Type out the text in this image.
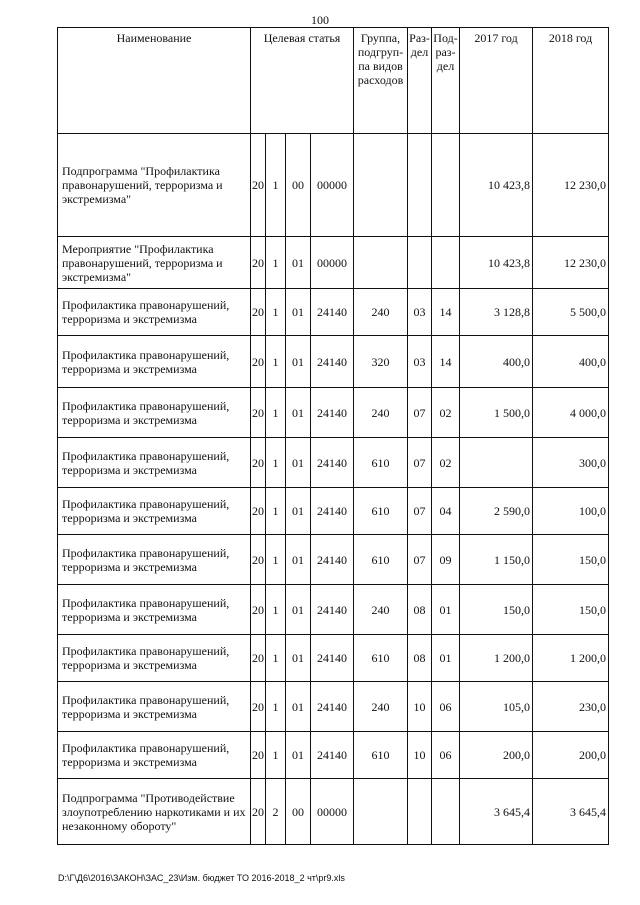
100
Наименование	Целевая статья				Группа, подгруп-па видов расходов	Раз-дел	Под-раз-дел	2017 год	2018 год
Подпрограмма "Профилактика правонарушений, терроризма и экстремизма"	20	1	00	00000				10 423,8	12 230,0
Мероприятие "Профилактика правонарушений, терроризма и экстремизма"	20	1	01	00000				10 423,8	12 230,0
Профилактика правонарушений, терроризма и экстремизма	20	1	01	24140	240	03	14	3 128,8	5 500,0
Профилактика правонарушений, терроризма и экстремизма	20	1	01	24140	320	03	14	400,0	400,0
Профилактика правонарушений, терроризма и экстремизма	20	1	01	24140	240	07	02	1 500,0	4 000,0
Профилактика правонарушений, терроризма и экстремизма	20	1	01	24140	610	07	02		300,0
Профилактика правонарушений, терроризма и экстремизма	20	1	01	24140	610	07	04	2 590,0	100,0
Профилактика правонарушений, терроризма и экстремизма	20	1	01	24140	610	07	09	1 150,0	150,0
Профилактика правонарушений, терроризма и экстремизма	20	1	01	24140	240	08	01	150,0	150,0
Профилактика правонарушений, терроризма и экстремизма	20	1	01	24140	610	08	01	1 200,0	1 200,0
Профилактика правонарушений, терроризма и экстремизма	20	1	01	24140	240	10	06	105,0	230,0
Профилактика правонарушений, терроризма и экстремизма	20	1	01	24140	610	10	06	200,0	200,0
Подпрограмма "Противодействие злоупотреблению наркотиками и их незаконному обороту"	20	2	00	00000				3 645,4	3 645,4
D:\Г\Д6\2016\ЗАКОН\ЗАС_23\Изм. бюджет ТО 2016-2018_2 чт\pr9.xls
